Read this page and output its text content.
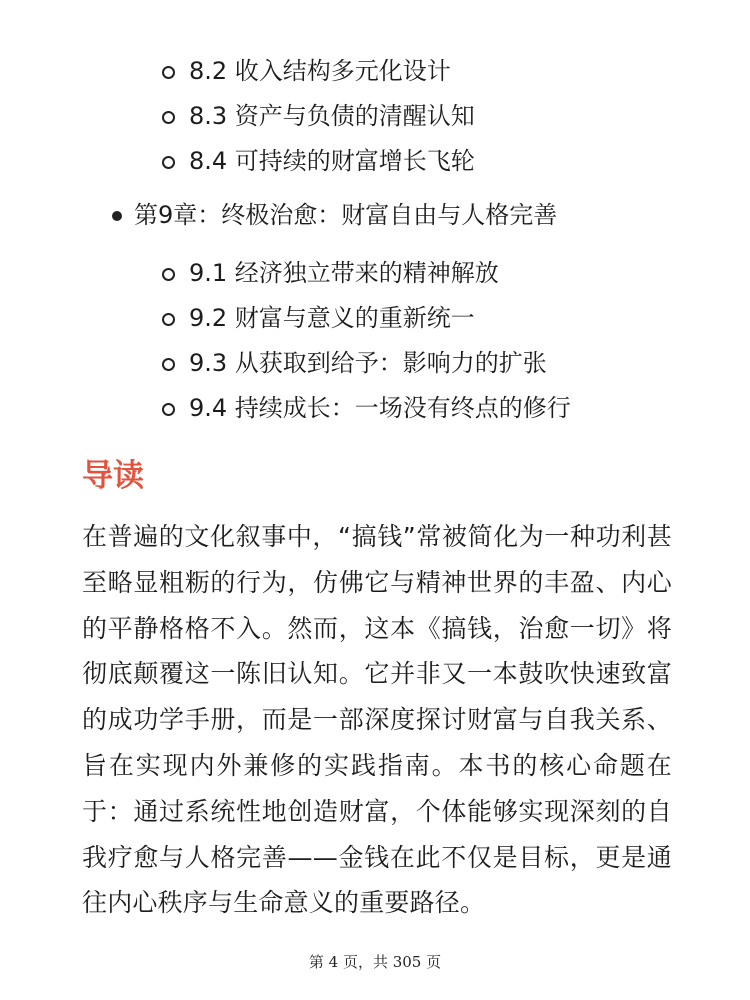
8.2 收入结构多元化设计
8.3 资产与负债的清醒认知
8.4 可持续的财富增长飞轮
第9章：终极治愈：财富自由与人格完善
9.1 经济独立带来的精神解放
9.2 财富与意义的重新统一
9.3 从获取到给予：影响力的扩张
9.4 持续成长：一场没有终点的修行
导读

在普遍的文化叙事中，“搞钱”常被简化为一种功利甚至略显粗粝的行为，仿佛它与精神世界的丰盈、内心的平静格格不入。然而，这本《搞钱，治愈一切》将彻底颠覆这一陈旧认知。它并非又一本鼓吹快速致富的成功学手册，而是一部深度探讨财富与自我关系、旨在实现内外兼修的实践指南。本书的核心命题在于：通过系统性地创造财富，个体能够实现深刻的自我疗愈与人格完善——金钱在此不仅是目标，更是通往内心秩序与生命意义的重要路径。

第 4 页，共 305 页
